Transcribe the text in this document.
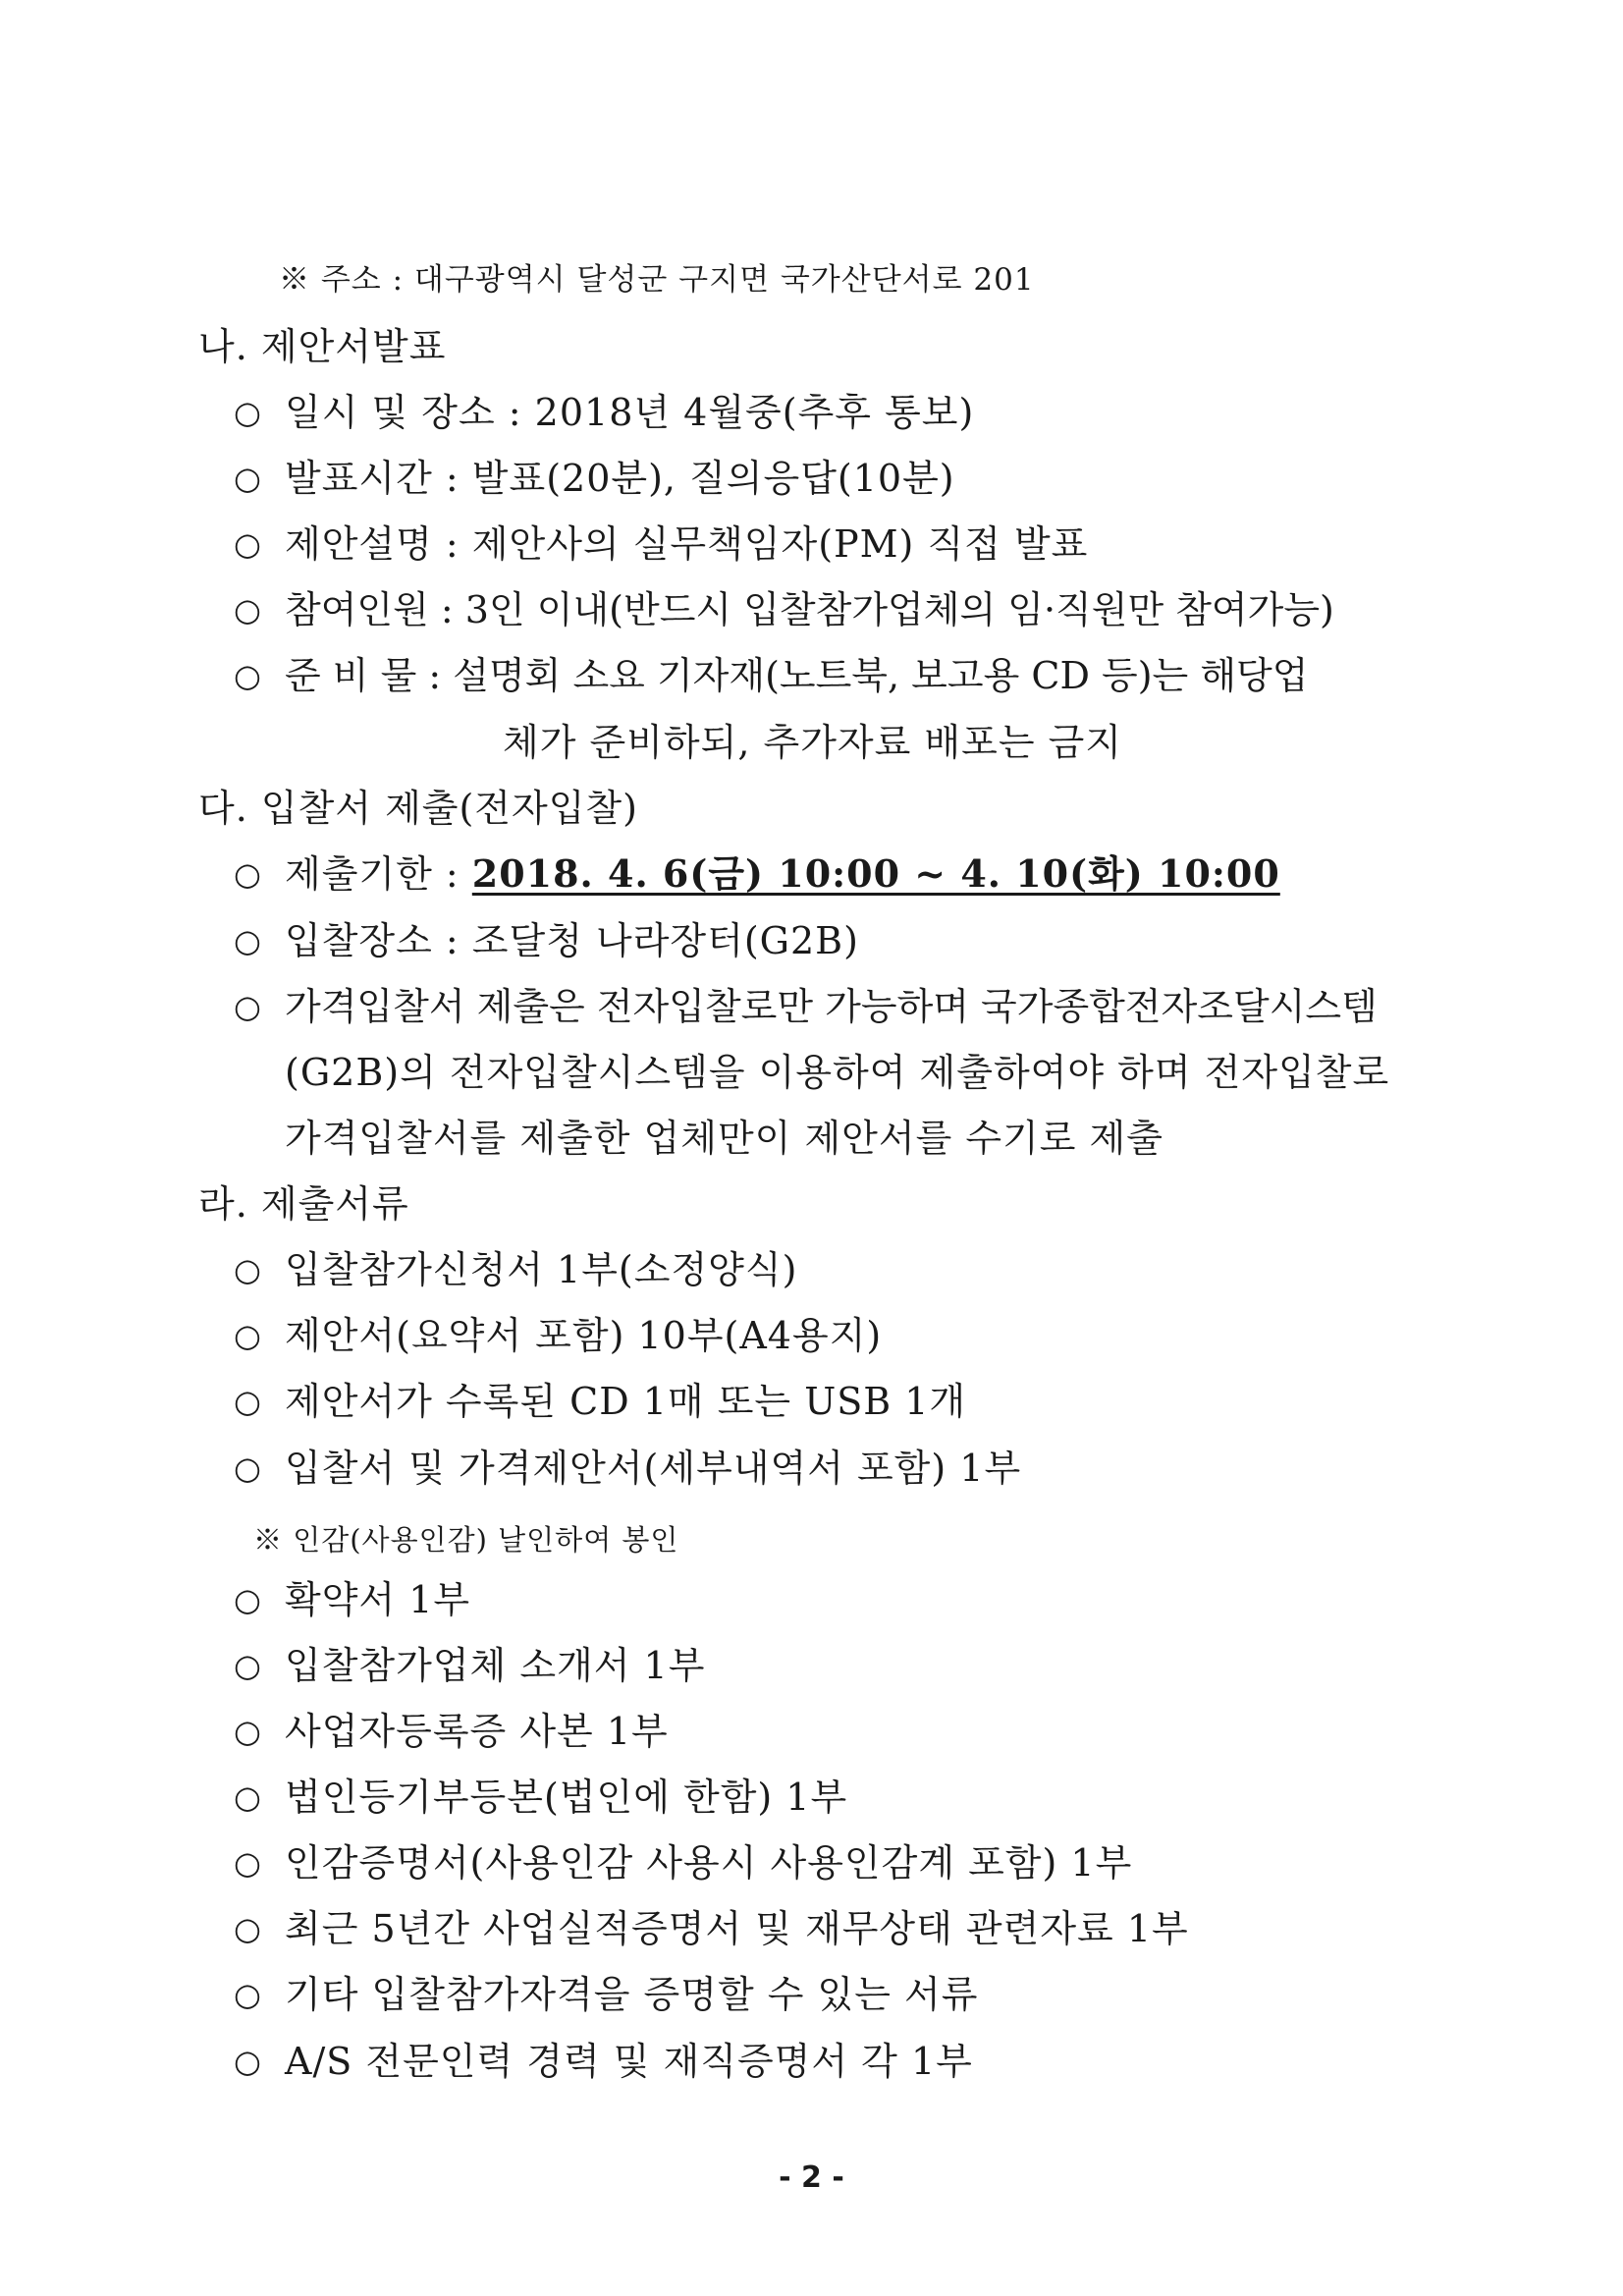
※ 주소 : 대구광역시 달성군 구지면 국가산단서로 201
나. 제안서발표
○ 일시 및 장소 : 2018년 4월중(추후 통보)
○ 발표시간 : 발표(20분), 질의응답(10분)
○ 제안설명 : 제안사의 실무책임자(PM) 직접 발표
○ 참여인원 : 3인 이내(반드시 입찰참가업체의 임·직원만 참여가능)
○ 준 비 물 : 설명회 소요 기자재(노트북, 보고용 CD 등)는 해당업
체가 준비하되, 추가자료 배포는 금지
다. 입찰서 제출(전자입찰)
○ 제출기한 : 2018. 4. 6(금) 10:00 ~ 4. 10(화) 10:00
○ 입찰장소 : 조달청 나라장터(G2B)
○ 가격입찰서 제출은 전자입찰로만 가능하며 국가종합전자조달시스템
(G2B)의 전자입찰시스템을 이용하여 제출하여야 하며 전자입찰로
가격입찰서를 제출한 업체만이 제안서를 수기로 제출
라. 제출서류
○ 입찰참가신청서 1부(소정양식)
○ 제안서(요약서 포함) 10부(A4용지)
○ 제안서가 수록된 CD 1매 또는 USB 1개
○ 입찰서 및 가격제안서(세부내역서 포함) 1부
※ 인감(사용인감) 날인하여 봉인
○ 확약서 1부
○ 입찰참가업체 소개서 1부
○ 사업자등록증 사본 1부
○ 법인등기부등본(법인에 한함) 1부
○ 인감증명서(사용인감 사용시 사용인감계 포함) 1부
○ 최근 5년간 사업실적증명서 및 재무상태 관련자료 1부
○ 기타 입찰참가자격을 증명할 수 있는 서류
○ A/S 전문인력 경력 및 재직증명서 각 1부
- 2 -
